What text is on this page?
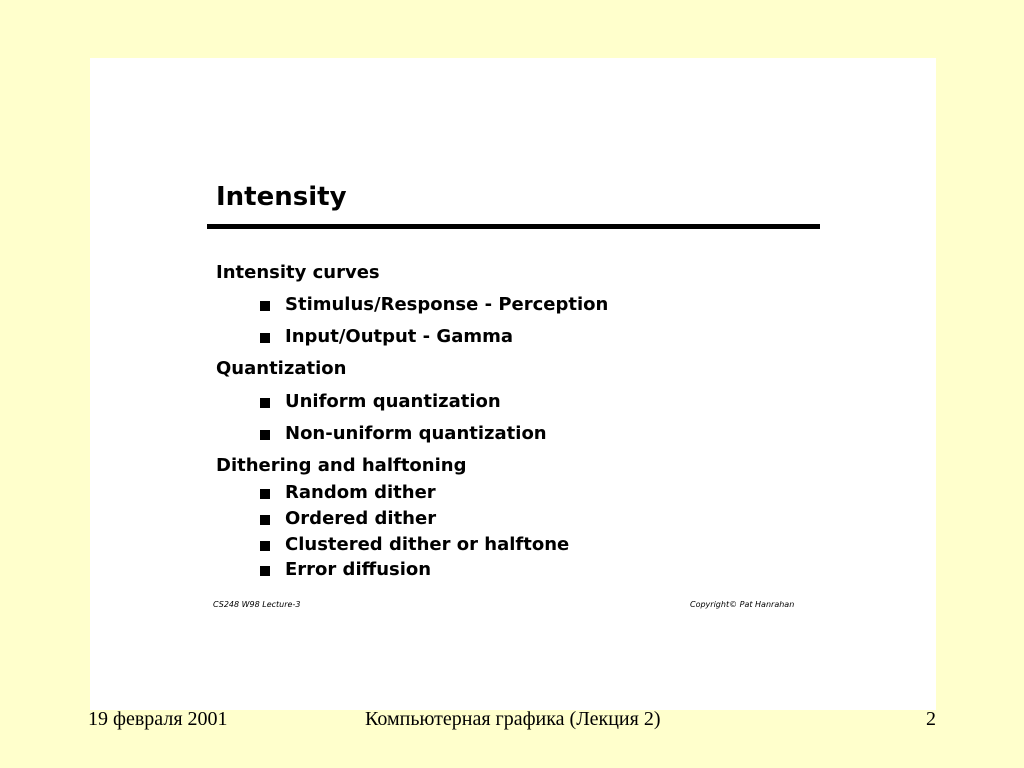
Intensity
Intensity curves
Stimulus/Response - Perception
Input/Output - Gamma
Quantization
Uniform quantization
Non-uniform quantization
Dithering and halftoning
Random dither
Ordered dither
Clustered dither or halftone
Error diffusion
CS248 W98 Lecture-3	Copyright© Pat Hanrahan
19 февраля 2001	Компьютерная графика (Лекция 2)	2
